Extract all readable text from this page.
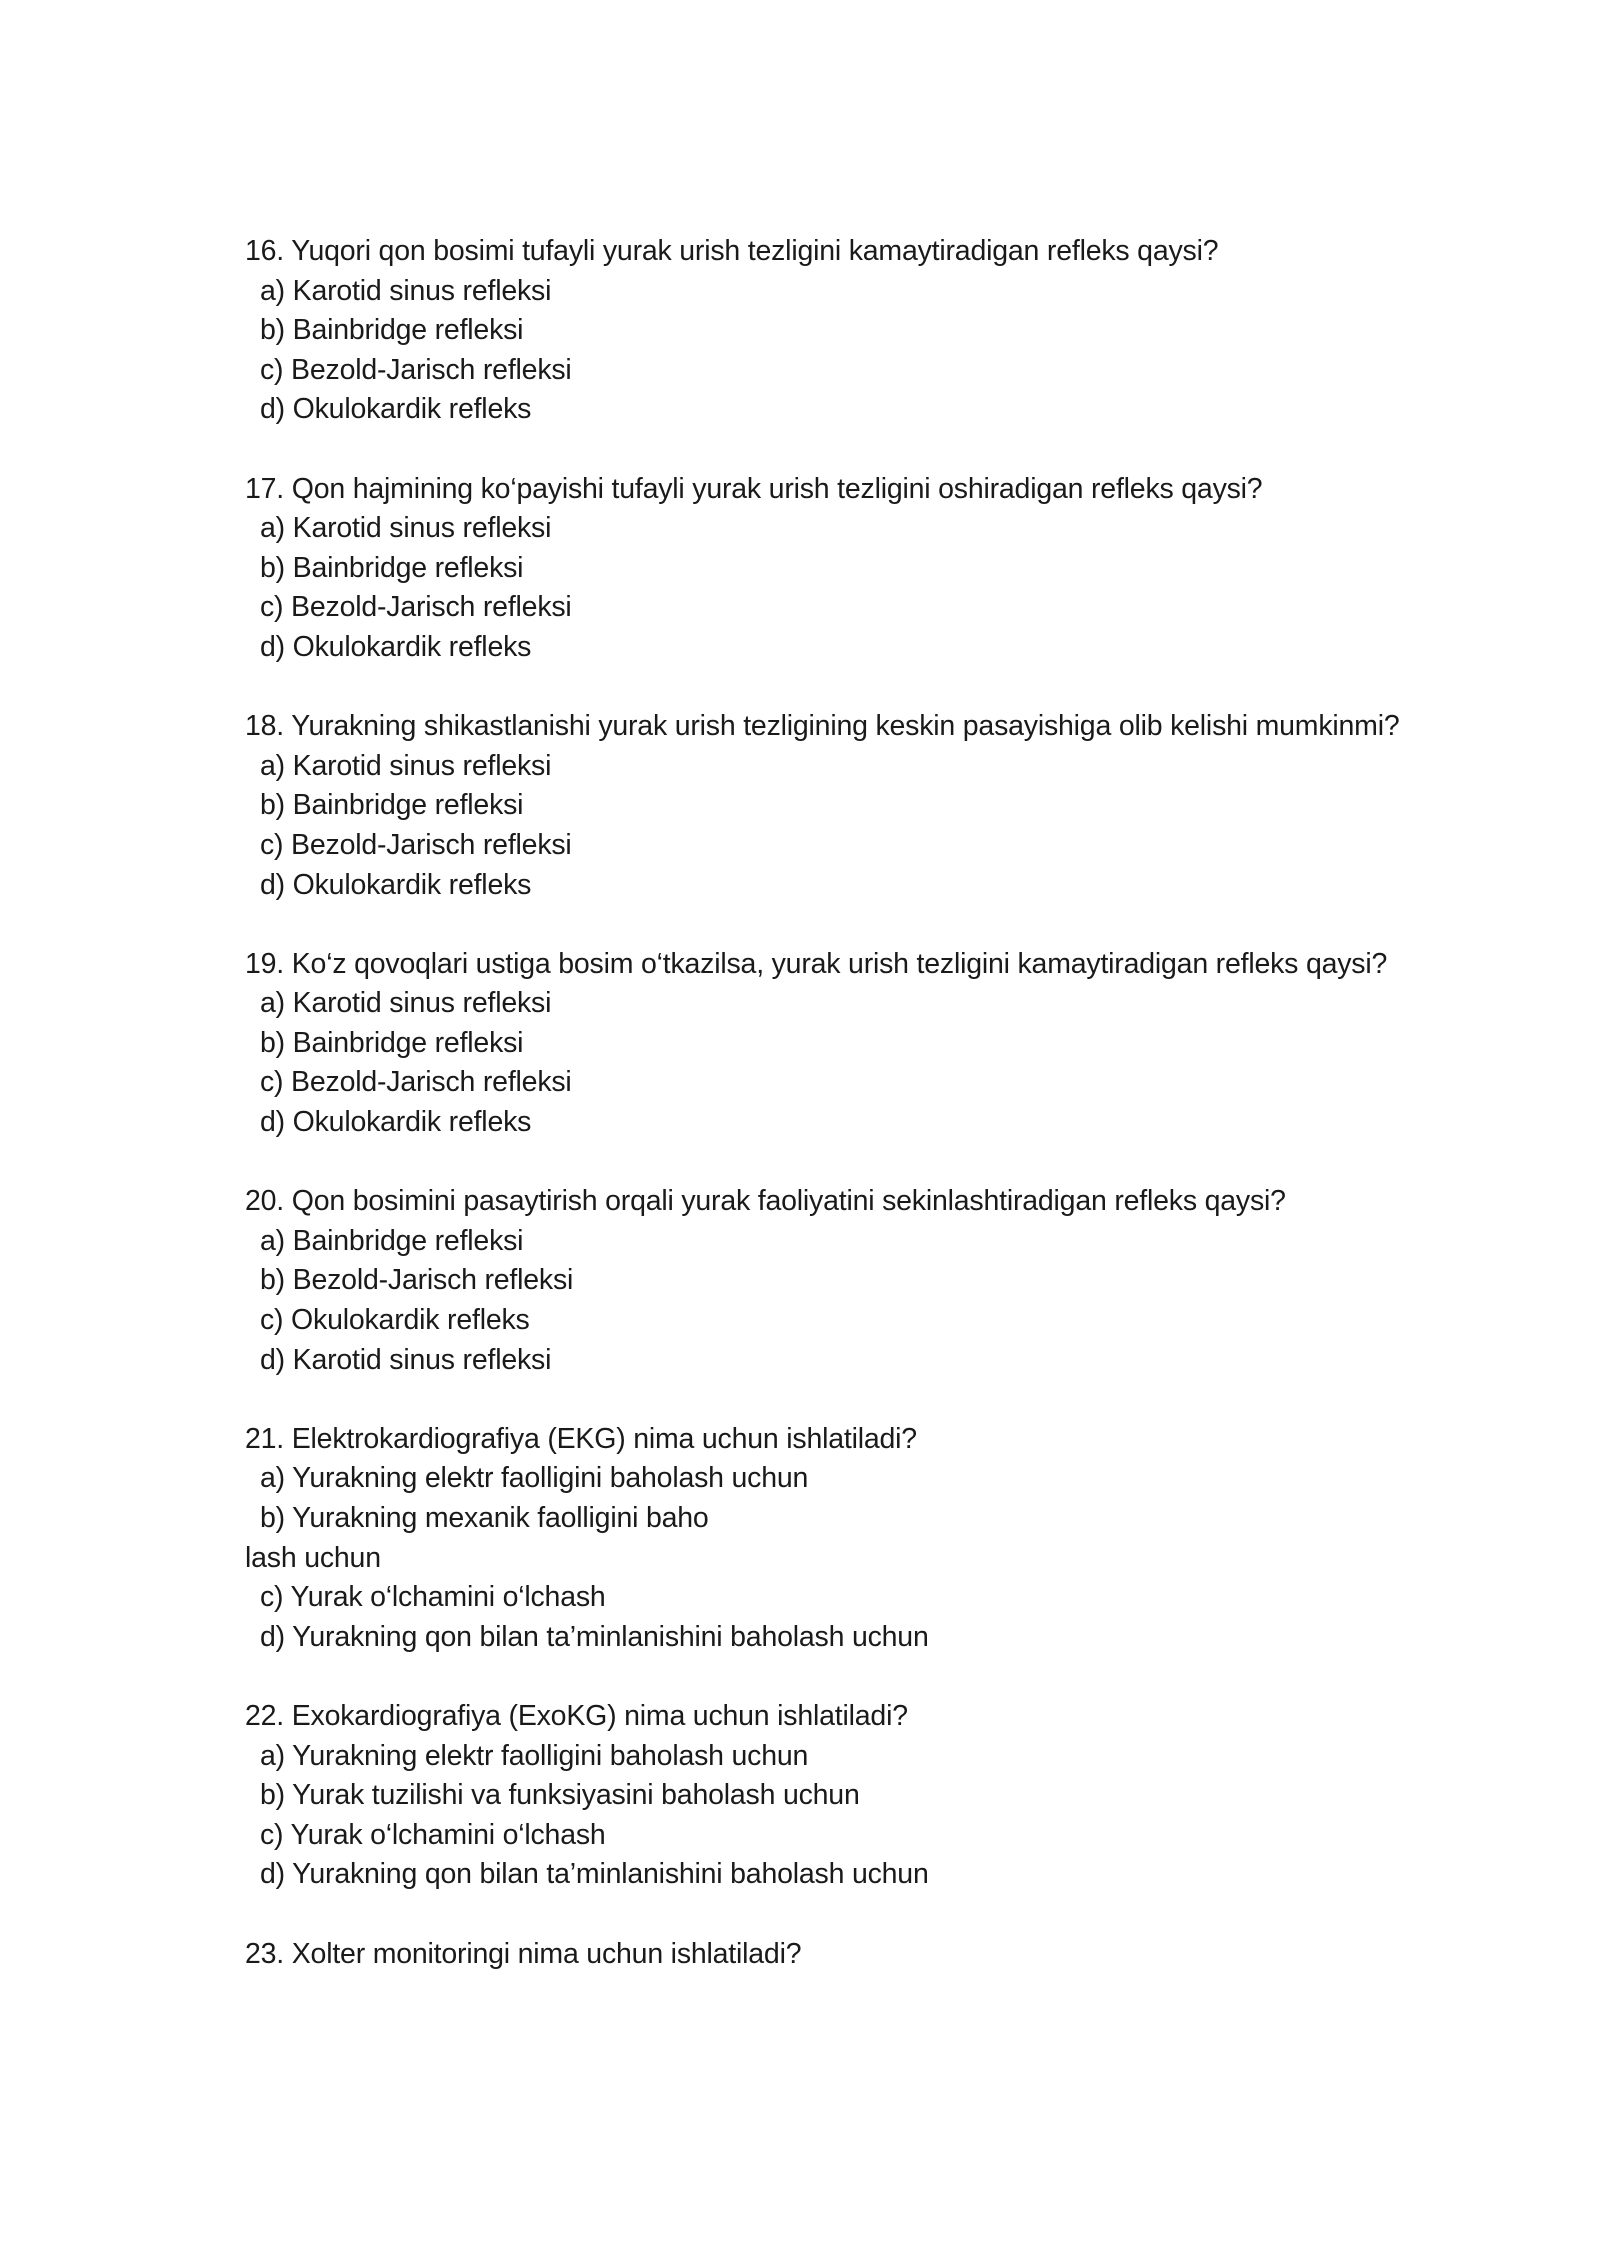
16. Yuqori qon bosimi tufayli yurak urish tezligini kamaytiradigan refleks qaysi?
a) Karotid sinus refleksi
b) Bainbridge refleksi
c) Bezold-Jarisch refleksi
d) Okulokardik refleks
17. Qon hajmining ko‘payishi tufayli yurak urish tezligini oshiradigan refleks qaysi?
a) Karotid sinus refleksi
b) Bainbridge refleksi
c) Bezold-Jarisch refleksi
d) Okulokardik refleks
18. Yurakning shikastlanishi yurak urish tezligining keskin pasayishiga olib kelishi mumkinmi?
a) Karotid sinus refleksi
b) Bainbridge refleksi
c) Bezold-Jarisch refleksi
d) Okulokardik refleks
19. Ko‘z qovoqlari ustiga bosim o‘tkazilsa, yurak urish tezligini kamaytiradigan refleks qaysi?
a) Karotid sinus refleksi
b) Bainbridge refleksi
c) Bezold-Jarisch refleksi
d) Okulokardik refleks
20. Qon bosimini pasaytirish orqali yurak faoliyatini sekinlashtiradigan refleks qaysi?
a) Bainbridge refleksi
b) Bezold-Jarisch refleksi
c) Okulokardik refleks
d) Karotid sinus refleksi
21. Elektrokardiografiya (EKG) nima uchun ishlatiladi?
a) Yurakning elektr faolligini baholash uchun
b) Yurakning mexanik faolligini baho
lash uchun
c) Yurak o‘lchamini o‘lchash
d) Yurakning qon bilan ta’minlanishini baholash uchun
22. Exokardiografiya (ExoKG) nima uchun ishlatiladi?
a) Yurakning elektr faolligini baholash uchun
b) Yurak tuzilishi va funksiyasini baholash uchun
c) Yurak o‘lchamini o‘lchash
d) Yurakning qon bilan ta’minlanishini baholash uchun
23. Xolter monitoringi nima uchun ishlatiladi?
